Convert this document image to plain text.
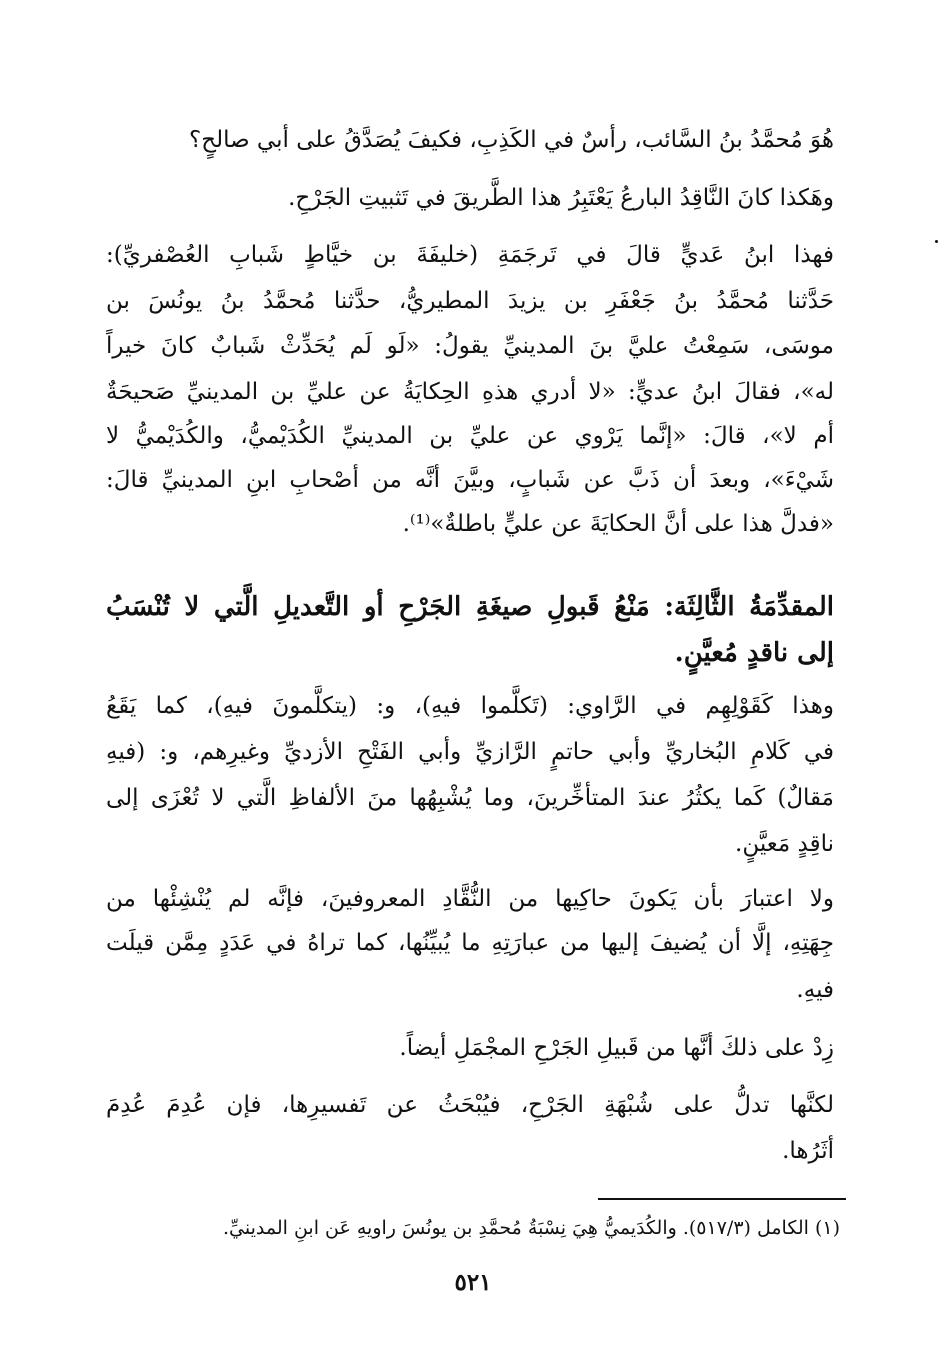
هُوَ مُحمَّدُ بنُ السَّائب، رأسٌ في الكَذِبِ، فكيفَ يُصَدَّقُ على أبي صالحٍ؟
وهَكذا كانَ النَّاقِدُ البارعُ يَعْتَبِرُ هذا الطَّريقَ في تَثبيتِ الجَرْحِ.
فهذا ابنُ عَديٍّ قالَ في تَرجَمَةِ (خليفَةَ بن خيَّاطٍ شَبابِ العُصْفريِّ):
حَدَّثنا مُحمَّدُ بنُ جَعْفَرِ بن يزيدَ المطيريُّ، حدَّثنا مُحمَّدُ بنُ يونُسَ بن
موسَى، سَمِعْتُ عليَّ بنَ المدينيِّ يقولُ: «لَو لَم يُحَدِّثْ شَبابٌ كانَ خيراً
له»، فقالَ ابنُ عديٍّ: «لا أدري هذهِ الحِكايَةُ عن عليِّ بن المدينيِّ صَحيحَةٌ
أم لا»، قالَ: «إنَّما يَرْوي عن عليِّ بن المدينيِّ الكُدَيْميُّ، والكُدَيْميُّ لا
شَيْءَ»، وبعدَ أن ذَبَّ عن شَبابٍ، وبيَّنَ أنَّه من أصْحابِ ابنِ المدينيِّ قالَ:
«فدلَّ هذا على أنَّ الحكايَةَ عن عليٍّ باطلةٌ»⁽¹⁾.
المقدِّمَةُ الثَّالِثَة: مَنْعُ قَبولِ صيغَةِ الجَرْحِ أو التَّعديلِ الَّتي لا تُنْسَبُ
إلى ناقدٍ مُعيَّنٍ.
وهذا كَقَوْلِهِم في الرَّاوي: (تَكلَّموا فيهِ)، و: (يتكلَّمونَ فيهِ)، كما يَقَعُ
في كَلامِ البُخاريِّ وأبي حاتمٍ الرَّازيِّ وأبي الفَتْحِ الأزديِّ وغيرِهم، و: (فيهِ
مَقالٌ) كَما يكثُرُ عندَ المتأخِّرينَ، وما يُشْبِهُها منَ الألفاظِ الَّتي لا تُعْزَى إلى
ناقِدٍ مَعيَّنٍ.
ولا اعتبارَ بأن يَكونَ حاكِيها من النُّقَّادِ المعروفينَ، فإنَّه لم يُنْشِئْها من
جِهَتِهِ، إلَّا أن يُضيفَ إليها من عبارَتِهِ ما يُبيِّنُها، كما تراهُ في عَدَدٍ مِمَّن قيلَت
فيهِ.
زِدْ على ذلكَ أنَّها من قَبيلِ الجَرْحِ المجْمَلِ أيضاً.
لكنَّها تدلُّ على شُبْهَةِ الجَرْحِ، فيُبْحَثُ عن تَفسيرِها، فإن عُدِمَ عُدِمَ
أثَرُها.
(١) الكامل (٥١٧/٣). والكُدَيميُّ هِيَ نِسْبَةُ مُحمَّدِ بن يونُسَ راويهِ عَن ابنِ المدينيِّ.
٥٢١
